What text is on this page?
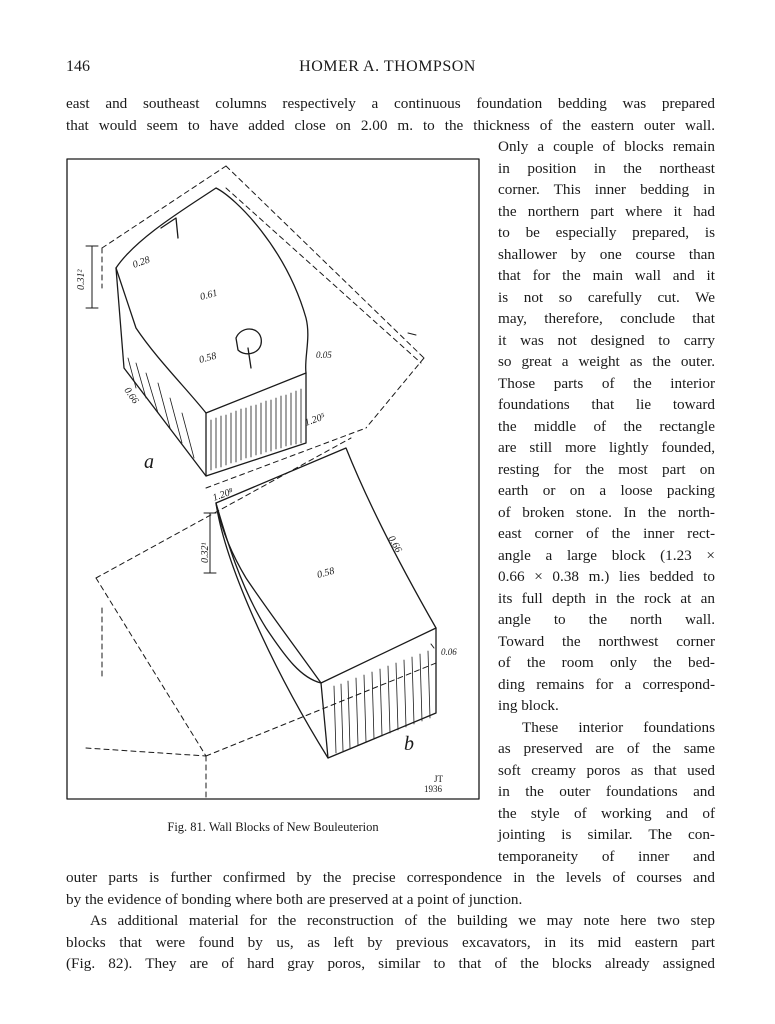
146	HOMER A. THOMPSON
east and southeast columns respectively a continuous foundation bedding was prepared
that would seem to have added close on 2.00 m. to the thickness of the eastern outer wall.
Only a couple of blocks remain
in position in the northeast
corner. This inner bedding in
the northern part where it had
to be especially prepared, is
shallower by one course than
that for the main wall and it
is not so carefully cut. We
may, therefore, conclude that
it was not designed to carry
so great a weight as the outer.
Those parts of the interior
foundations that lie toward
the middle of the rectangle
are still more lightly founded,
resting for the most part on
earth or on a loose packing
of broken stone. In the north-
east corner of the inner rect-
angle a large block (1.23 ×
0.66 × 0.38 m.) lies bedded to
its full depth in the rock at an
angle to the north wall.
Toward the northwest corner
of the room only the bed-
ding remains for a correspond-
ing block.
These interior foundations
as preserved are of the same
soft creamy poros as that used
in the outer foundations and
the style of working and of
jointing is similar. The con-
temporaneity of inner and
outer parts is further confirmed by the precise correspondence in the levels of courses and
by the evidence of bonding where both are preserved at a point of junction.
As additional material for the reconstruction of the building we may note here two step
blocks that were found by us, as left by previous excavators, in its mid eastern part
(Fig. 82). They are of hard gray poros, similar to that of the blocks already assigned
a
b
0.31²
0.28
0.61
0.58
0.66
1.20⁵
0.05
1.20⁸
0.32¹	0.66
0.58
0.06
JT
1936
Fig. 81. Wall Blocks of New Bouleuterion
